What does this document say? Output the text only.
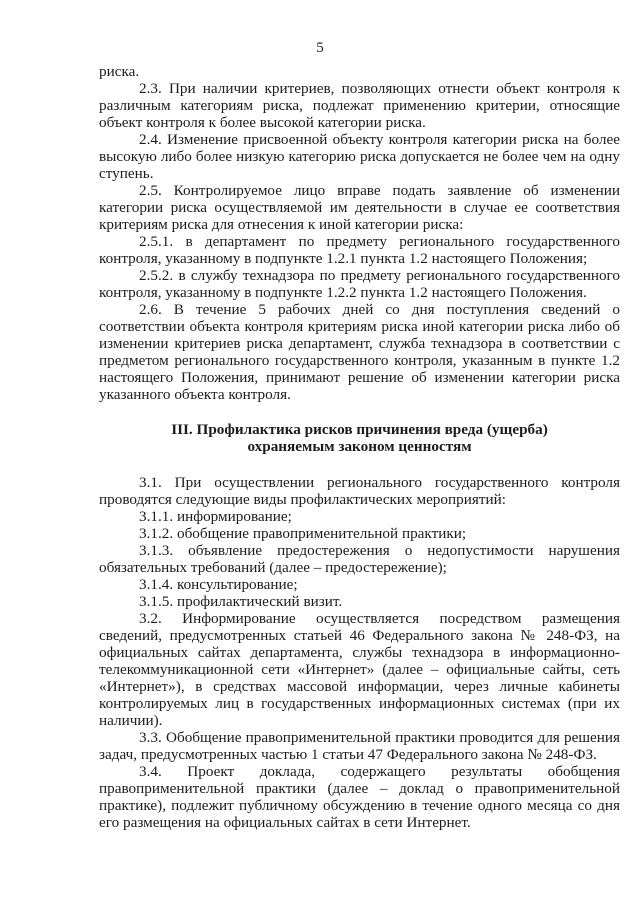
5

риска.

2.3. При наличии критериев, позволяющих отнести объект контроля к различным категориям риска, подлежат применению критерии, относящие объект контроля к более высокой категории риска.

2.4. Изменение присвоенной объекту контроля категории риска на более высокую либо более низкую категорию риска допускается не более чем на одну ступень.

2.5. Контролируемое лицо вправе подать заявление об изменении категории риска осуществляемой им деятельности в случае ее соответствия критериям риска для отнесения к иной категории риска:

2.5.1. в департамент по предмету регионального государственного контроля, указанному в подпункте 1.2.1 пункта 1.2 настоящего Положения;

2.5.2. в службу технадзора по предмету регионального государственного контроля, указанному в подпункте 1.2.2 пункта 1.2 настоящего Положения.

2.6. В течение 5 рабочих дней со дня поступления сведений о соответствии объекта контроля критериям риска иной категории риска либо об изменении критериев риска департамент, служба технадзора в соответствии с предметом регионального государственного контроля, указанным в пункте 1.2 настоящего Положения, принимают решение об изменении категории риска указанного объекта контроля.

III. Профилактика рисков причинения вреда (ущерба)
охраняемым законом ценностям

3.1. При осуществлении регионального государственного контроля проводятся следующие виды профилактических мероприятий:

3.1.1. информирование;

3.1.2. обобщение правоприменительной практики;

3.1.3. объявление предостережения о недопустимости нарушения обязательных требований (далее – предостережение);

3.1.4. консультирование;

3.1.5. профилактический визит.

3.2. Информирование осуществляется посредством размещения сведений, предусмотренных статьей 46 Федерального закона № 248-ФЗ, на официальных сайтах департамента, службы технадзора в информационно-телекоммуникационной сети «Интернет» (далее – официальные сайты, сеть «Интернет»), в средствах массовой информации, через личные кабинеты контролируемых лиц в государственных информационных системах (при их наличии).

3.3. Обобщение правоприменительной практики проводится для решения задач, предусмотренных частью 1 статьи 47 Федерального закона № 248-ФЗ.

3.4. Проект доклада, содержащего результаты обобщения правоприменительной практики (далее – доклад о правоприменительной практике), подлежит публичному обсуждению в течение одного месяца со дня его размещения на официальных сайтах в сети Интернет.
